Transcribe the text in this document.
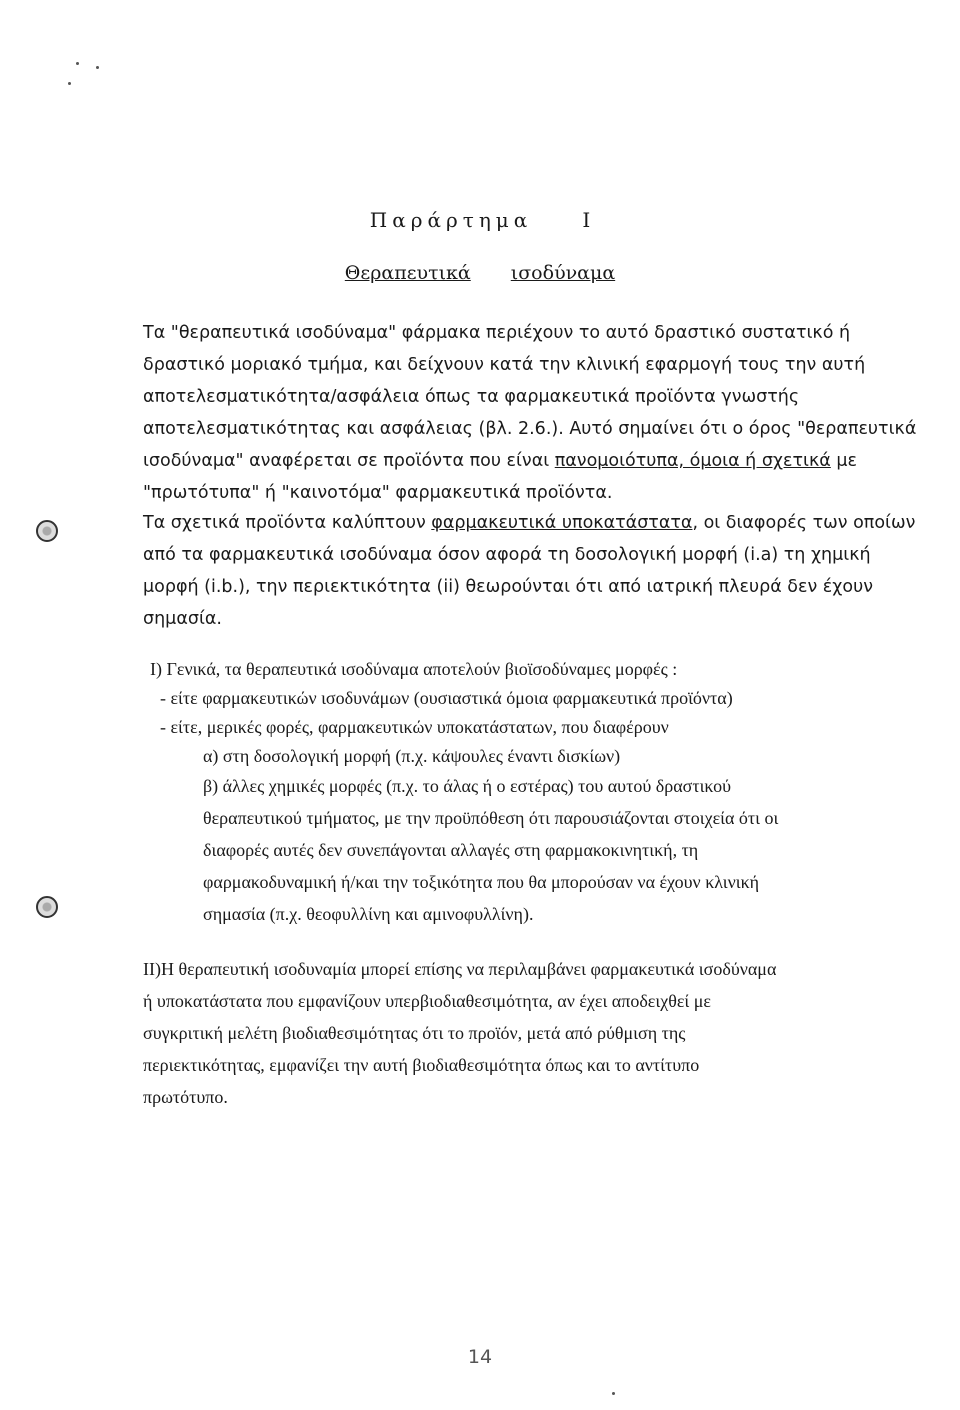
Παράρτημα	I
Θεραπευτικά ισοδύναμα
Τα "θεραπευτικά ισοδύναμα" φάρμακα περιέχουν το αυτό δραστικό συστατικό ή
δραστικό μοριακό τμήμα, και δείχνουν κατά την κλινική εφαρμογή τους την αυτή
αποτελεσματικότητα/ασφάλεια όπως τα φαρμακευτικά προϊόντα γνωστής
αποτελεσματικότητας και ασφάλειας (βλ. 2.6.). Αυτό σημαίνει ότι ο όρος "θεραπευτικά
ισοδύναμα" αναφέρεται σε προϊόντα που είναι πανομοιότυπα, όμοια ή σχετικά με
"πρωτότυπα" ή "καινοτόμα" φαρμακευτικά προϊόντα.
Τα σχετικά προϊόντα καλύπτουν φαρμακευτικά υποκατάστατα, οι διαφορές των οποίων
από τα φαρμακευτικά ισοδύναμα όσον αφορά τη δοσολογική μορφή (i.a) τη χημική
μορφή (i.b.), την περιεκτικότητα (ii) θεωρούνται ότι από ιατρική πλευρά δεν έχουν
σημασία.
I) Γενικά, τα θεραπευτικά ισοδύναμα αποτελούν βιοϊσοδύναμες μορφές :
- είτε φαρμακευτικών ισοδυνάμων (ουσιαστικά όμοια φαρμακευτικά προϊόντα)
- είτε, μερικές φορές, φαρμακευτικών υποκατάστατων, που διαφέρουν
α) στη δοσολογική μορφή (π.χ. κάψουλες έναντι δισκίων)
β) άλλες χημικές μορφές (π.χ. το άλας ή ο εστέρας) του αυτού δραστικού
θεραπευτικού τμήματος, με την προϋπόθεση ότι παρουσιάζονται στοιχεία ότι οι
διαφορές αυτές δεν συνεπάγονται αλλαγές στη φαρμακοκινητική, τη
φαρμακοδυναμική ή/και την τοξικότητα που θα μπορούσαν να έχουν κλινική
σημασία (π.χ. θεοφυλλίνη και αμινοφυλλίνη).
II)Η θεραπευτική ισοδυναμία μπορεί επίσης να περιλαμβάνει φαρμακευτικά ισοδύναμα
ή υποκατάστατα που εμφανίζουν υπερβιοδιαθεσιμότητα, αν έχει αποδειχθεί με
συγκριτική μελέτη βιοδιαθεσιμότητας ότι το προϊόν, μετά από ρύθμιση της
περιεκτικότητας, εμφανίζει την αυτή βιοδιαθεσιμότητα όπως και το αντίτυπο
πρωτότυπο.
14
